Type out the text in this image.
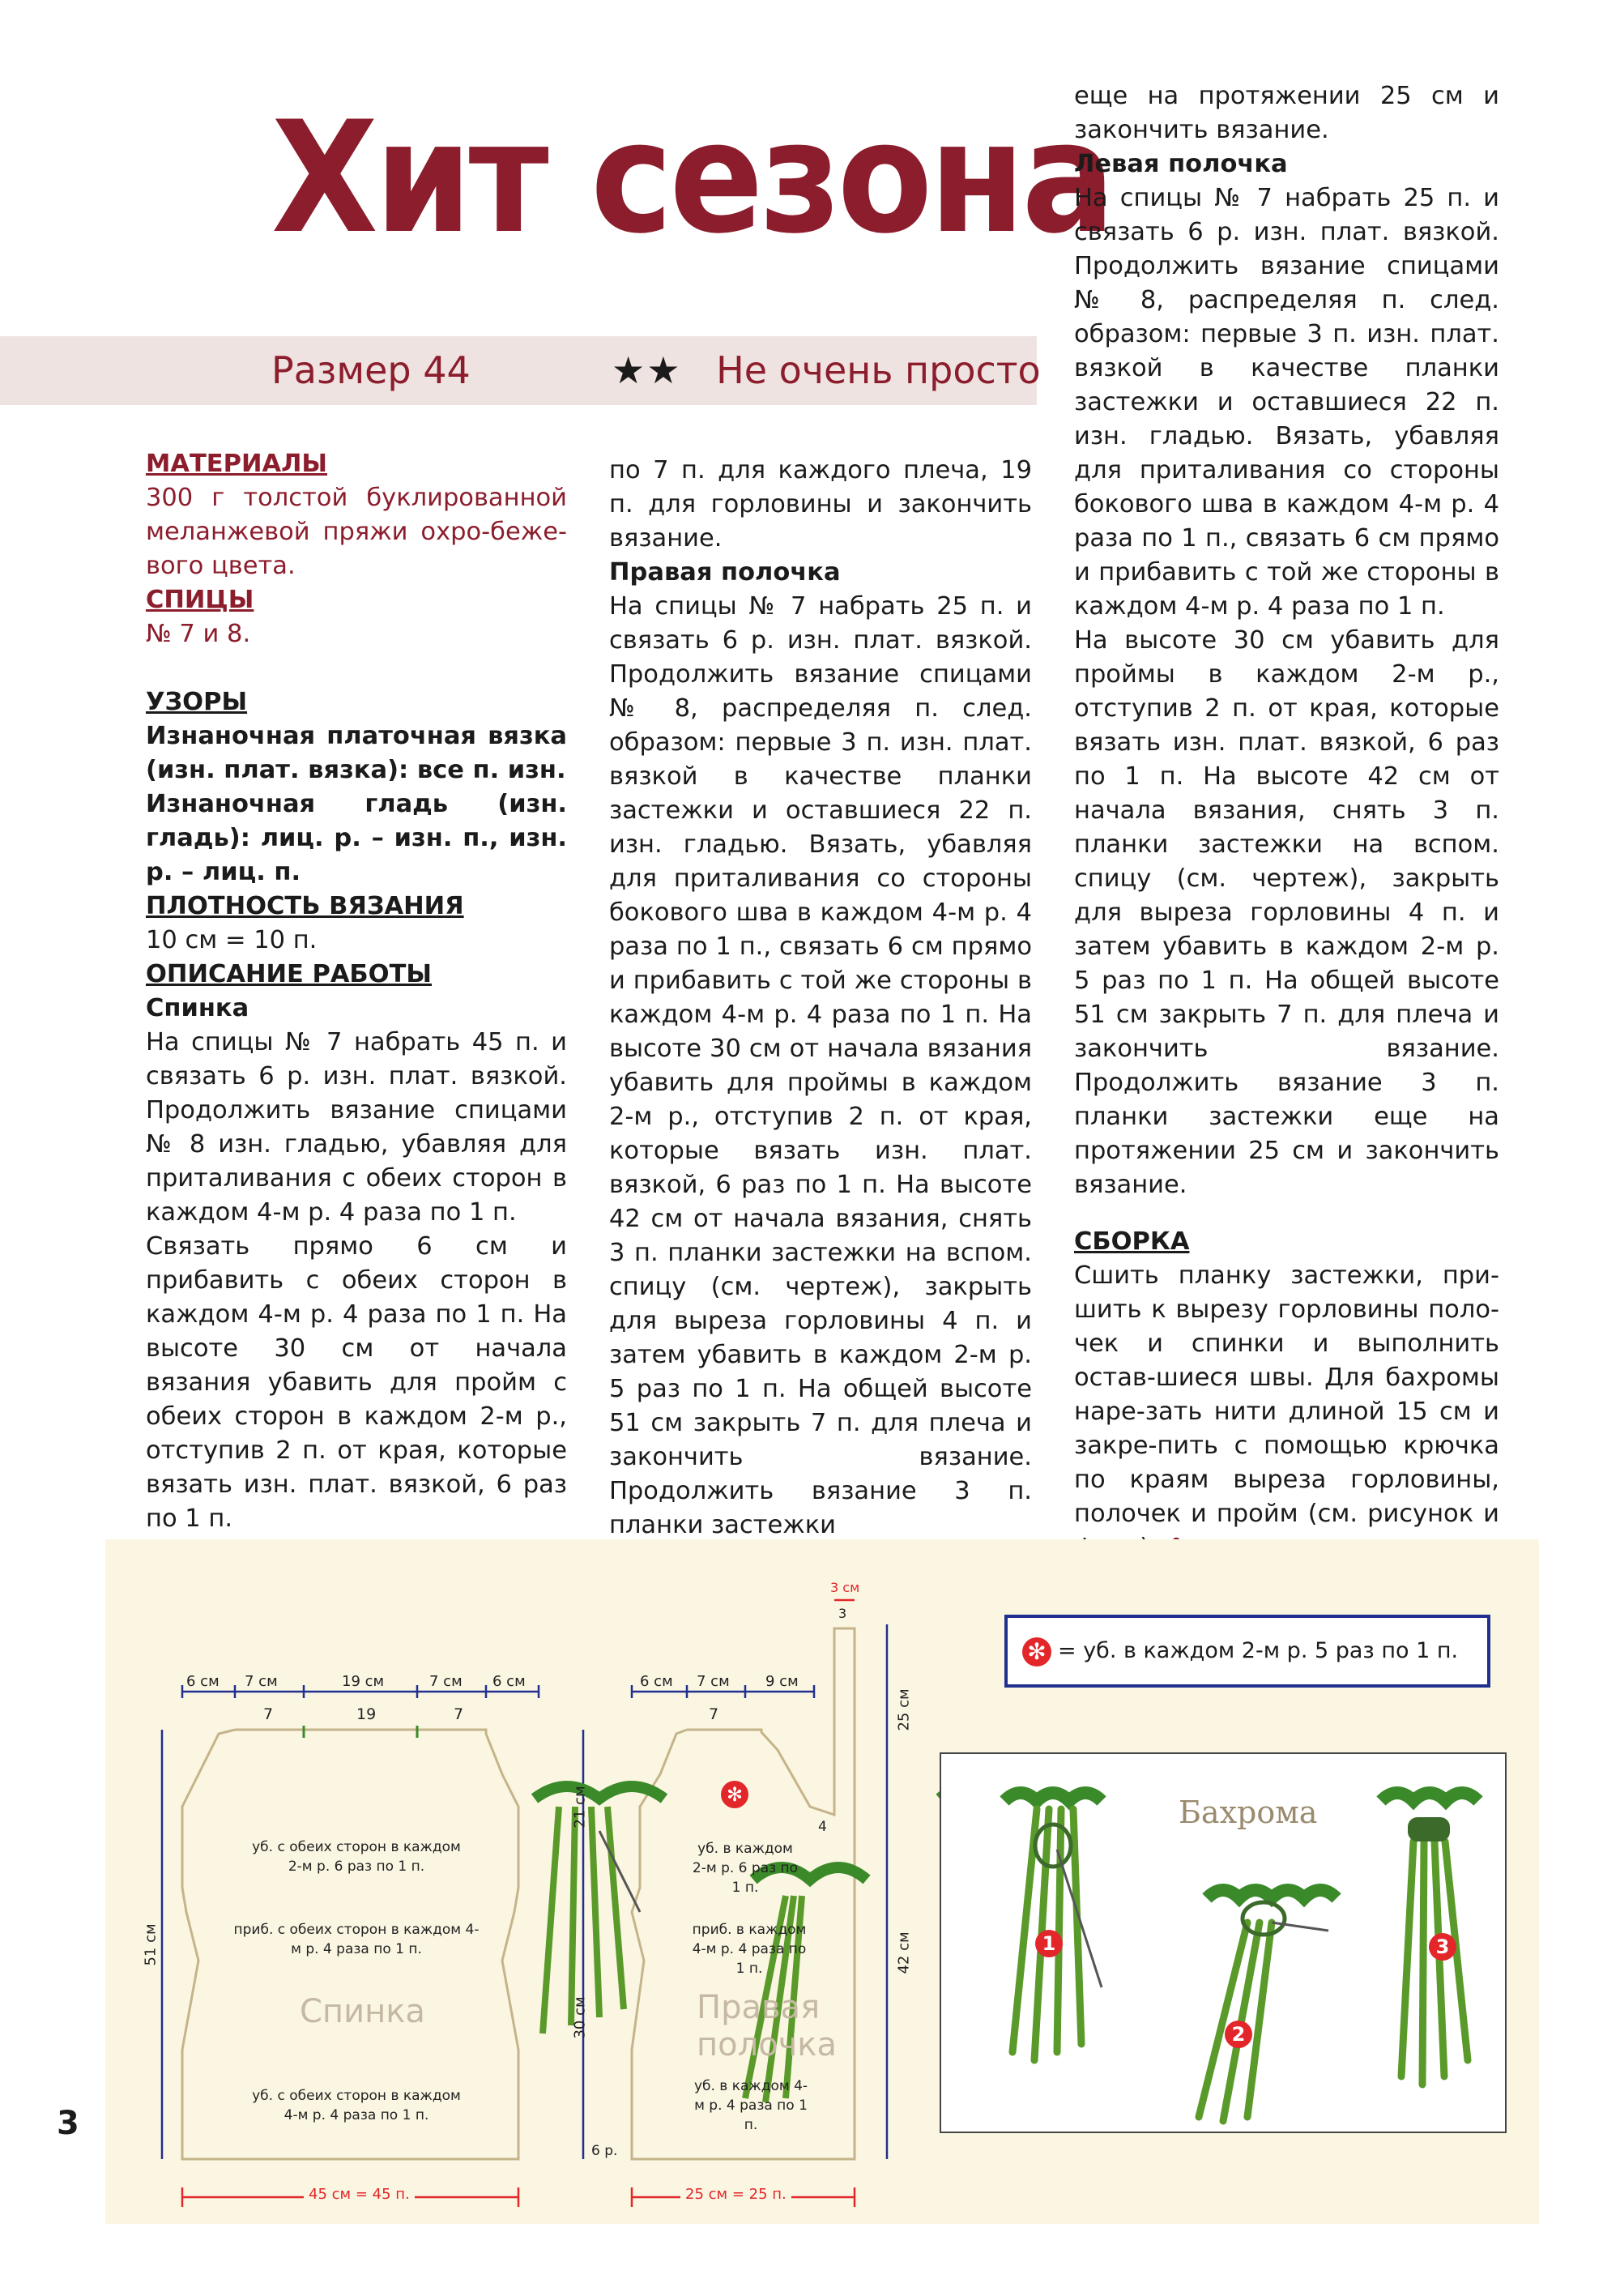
Хит сезона
Размер 44	★★ Не очень просто

МАТЕРИАЛЫ

300 г толстой буклированной меланжевой пряжи охро-беже-вого цвета.

СПИЦЫ

№ 7 и 8.

УЗОРЫ

Изнаночная платочная вязка (изн. плат. вязка): все п. изн.

Изнаночная гладь (изн. гладь): лиц. р. – изн. п., изн. р. – лиц. п.

ПЛОТНОСТЬ ВЯЗАНИЯ

10 см = 10 п.

ОПИСАНИЕ РАБОТЫ

Спинка

На спицы № 7 набрать 45 п. и связать 6 р. изн. плат. вязкой. Продолжить вязание спицами № 8 изн. гладью, убавляя для приталивания с обеих сторон в каждом 4-м р. 4 раза по 1 п.

Связать прямо 6 см и прибавить с обеих сторон в каждом 4-м р. 4 раза по 1 п. На высоте 30 см от начала вязания убавить для пройм с обеих сторон в каждом 2-м р., отступив 2 п. от края, которые вязать изн. плат. вязкой, 6 раз по 1 п.

по 7 п. для каждого плеча, 19 п. для горловины и закончить вязание.

Правая полочка

На спицы № 7 набрать 25 п. и связать 6 р. изн. плат. вязкой. Продолжить вязание спицами № 8, распределяя п. след. образом: первые 3 п. изн. плат. вязкой в качестве планки застежки и оставшиеся 22 п. изн. гладью. Вязать, убавляя для приталивания со стороны бокового шва в каждом 4-м р. 4 раза по 1 п., связать 6 см прямо и прибавить с той же стороны в каждом 4-м р. 4 раза по 1 п. На высоте 30 см от начала вязания убавить для проймы в каждом 2-м р., отступив 2 п. от края, которые вязать изн. плат. вязкой, 6 раз по 1 п. На высоте 42 см от начала вязания, снять 3 п. планки застежки на вспом. спицу (см. чертеж), закрыть для выреза горловины 4 п. и затем убавить в каждом 2-м р. 5 раз по 1 п. На общей высоте 51 см закрыть 7 п. для плеча и закончить вязание. Продолжить вязание 3 п. планки застежки

еще на протяжении 25 см и закончить вязание.

Левая полочка

На спицы № 7 набрать 25 п. и связать 6 р. изн. плат. вязкой. Продолжить вязание спицами № 8, распределяя п. след. образом: первые 3 п. изн. плат. вязкой в качестве планки застежки и оставшиеся 22 п. изн. гладью. Вязать, убавляя для приталивания со стороны бокового шва в каждом 4-м р. 4 раза по 1 п., связать 6 см прямо и прибавить с той же стороны в каждом 4-м р. 4 раза по 1 п.

На высоте 30 см убавить для проймы в каждом 2-м р., отступив 2 п. от края, которые вязать изн. плат. вязкой, 6 раз по 1 п. На высоте 42 см от начала вязания, снять 3 п. планки застежки на вспом. спицу (см. чертеж), закрыть для выреза горловины 4 п. и затем убавить в каждом 2-м р. 5 раз по 1 п. На общей высоте 51 см закрыть 7 п. для плеча и закончить вязание. Продолжить вязание 3 п. планки застежки еще на протяжении 25 см и закончить вязание.

СБОРКА

Сшить планку застежки, при-шить к вырезу горловины поло-чек и спинки и выполнить остав-шиеся швы. Для бахромы наре-зать нити длиной 15 см и закре-пить с помощью крючка по краям выреза горловины, полочек и пройм (см. рисунок и

6 см 7 см	19 см	7 см 6 см
7	19	7
51 см
уб. с обеих сторон в каждом 2-м р. 6 раз по 1 п.
приб. с обеих сторон в каждом 4-м р. 4 раза по 1 п.
Спинка
уб. с обеих сторон в каждом 4-м р. 4 раза по 1 п.
45 см = 45 п.
6 см 7 см 9 см
7
3 см
3
25 см
21 см
30 см
42 см
6 р.
4
✻
уб. в каждом 2-м р. 6 раз по 1 п.
приб. в каждом 4-м р. 4 раза по 1 п.
Правая полочка
уб. в каждом 4-м р. 4 раза по 1 п.
25 см = 25 п.
✻ = уб. в каждом 2-м р. 5 раз по 1 п.
Бахрома
1
2
3
3
